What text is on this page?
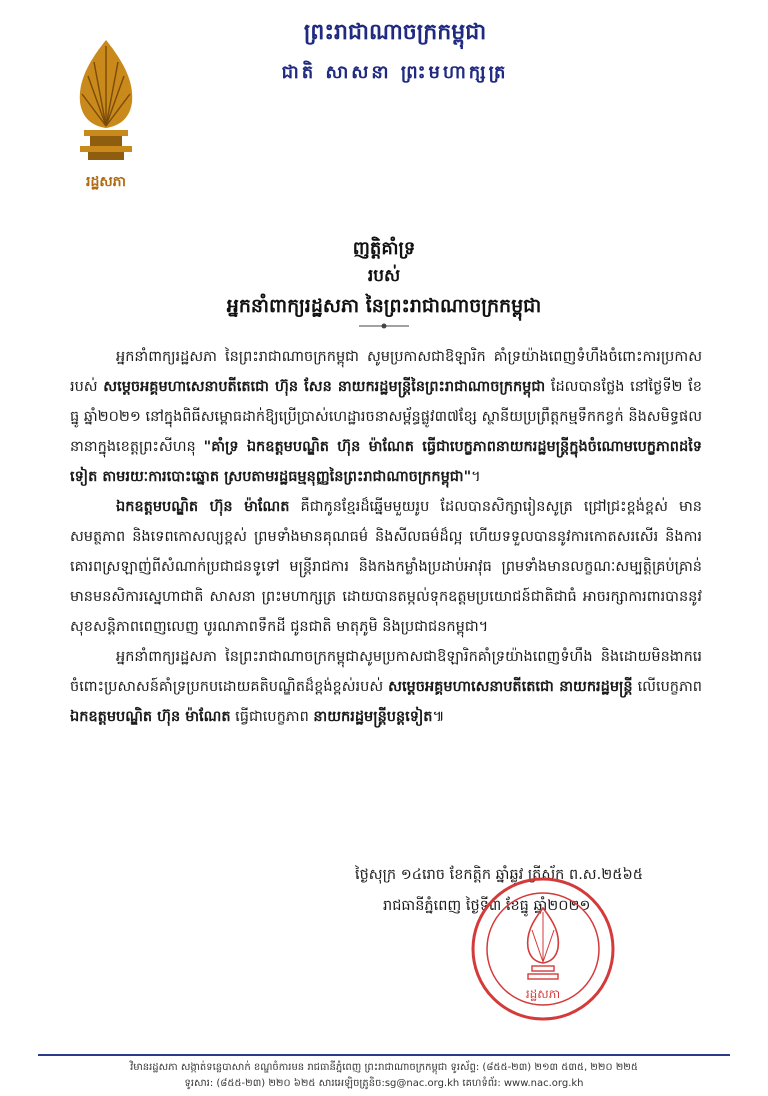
រដ្ឋសភា
ព្រះរាជាណាចក្រកម្ពុជា
ជាតិ សាសនា ព្រះមហាក្សត្រ
ញត្តិគាំទ្រ
របស់
អ្នកនាំពាក្យរដ្ឋសភា នៃព្រះរាជាណាចក្រកម្ពុជា

អ្នកនាំពាក្យរដ្ឋសភា នៃព្រះរាជាណាចក្រកម្ពុជា សូមប្រកាសជាឱឡារិក គាំទ្រយ៉ាងពេញទំហឹងចំពោះការប្រកាសរបស់ សម្ដេចអគ្គមហាសេនាបតីតេជោ ហ៊ុន សែន នាយករដ្ឋមន្ត្រីនៃព្រះរាជាណាចក្រកម្ពុជា ដែលបានថ្លែង នៅថ្ងៃទី២ ខែធ្នូ ឆ្នាំ២០២១ នៅក្នុងពិធីសម្ពោធដាក់ឱ្យប្រើប្រាស់ហេដ្ឋារចនាសម្ព័ន្ធផ្លូវ៣៧ខ្សែ ស្ថានីយប្រព្រឹត្តកម្មទឹកកខ្វក់ និងសមិទ្ធផលនានាក្នុងខេត្តព្រះសីហនុ "គាំទ្រ ឯកឧត្តមបណ្ឌិត ហ៊ុន ម៉ាណែត ធ្វើជាបេក្ខភាពនាយករដ្ឋមន្ត្រីក្នុងចំណោមបេក្ខភាពដទៃទៀត តាមរយៈការបោះឆ្នោត ស្របតាមរដ្ឋធម្មនុញ្ញនៃព្រះរាជាណាចក្រកម្ពុជា"។

ឯកឧត្តមបណ្ឌិត ហ៊ុន ម៉ាណែត គឺជាកូនខ្មែរដ៏ឆ្នើមមួយរូប ដែលបានសិក្សារៀនសូត្រ ជ្រៅជ្រះខ្ពង់ខ្ពស់ មានសមត្ថភាព និងទេពកោសល្យខ្ពស់ ព្រមទាំងមានគុណធម៌ និងសីលធម៌ដ៏ល្អ ហើយទទួលបាននូវការកោតសរសើរ និងការគោរពស្រឡាញ់ពីសំណាក់ប្រជាជនទូទៅ មន្ត្រីរាជការ និងកងកម្លាំងប្រដាប់អាវុធ ព្រមទាំងមានលក្ខណៈសម្បត្តិគ្រប់គ្រាន់ មានមនសិការស្នេហាជាតិ សាសនា ព្រះមហាក្សត្រ ដោយបានតម្កល់ទុកឧត្តមប្រយោជន៍ជាតិជាធំ អាចរក្សាការពារបាននូវសុខសន្តិភាពពេញលេញ បូរណភាពទឹកដី ជូនជាតិ មាតុភូមិ និងប្រជាជនកម្ពុជា។

អ្នកនាំពាក្យរដ្ឋសភា នៃព្រះរាជាណាចក្រកម្ពុជាសូមប្រកាសជាឱឡារិកគាំទ្រយ៉ាងពេញទំហឹង និងដោយមិនងាករេចំពោះប្រសាសន៍គាំទ្រប្រកបដោយគតិបណ្ឌិតដ៏ខ្ពង់ខ្ពស់របស់ សម្ដេចអគ្គមហាសេនាបតីតេជោ នាយករដ្ឋមន្ត្រី លើបេក្ខភាព ឯកឧត្តមបណ្ឌិត ហ៊ុន ម៉ាណែត ធ្វើជាបេក្ខភាព នាយករដ្ឋមន្ត្រីបន្តទៀត៕

ថ្ងៃសុក្រ ១៤រោច ខែកត្តិក ឆ្នាំឆ្លូវ ត្រីស័ក ព.ស.២៥៦៥
រាជធានីភ្នំពេញ ថ្ងៃទី៣ ខែធ្នូ ឆ្នាំ២០២១
រដ្ឋសភា
វិមានរដ្ឋសភា សង្កាត់ទន្លេបាសាក់ ខណ្ឌចំការមន រាជធានីភ្នំពេញ ព្រះរាជាណាចក្រកម្ពុជា ទូរស័ព្ទ: (៨៥៥-២៣) ២១៣ ៥៣៥, ២២០ ២២៥
ទូរសារ: (៨៥៥-២៣) ២២០ ៦២៥ សារអេឡិចត្រូនិច:sg@nac.org.kh គេហទំព័រ: www.nac.org.kh
